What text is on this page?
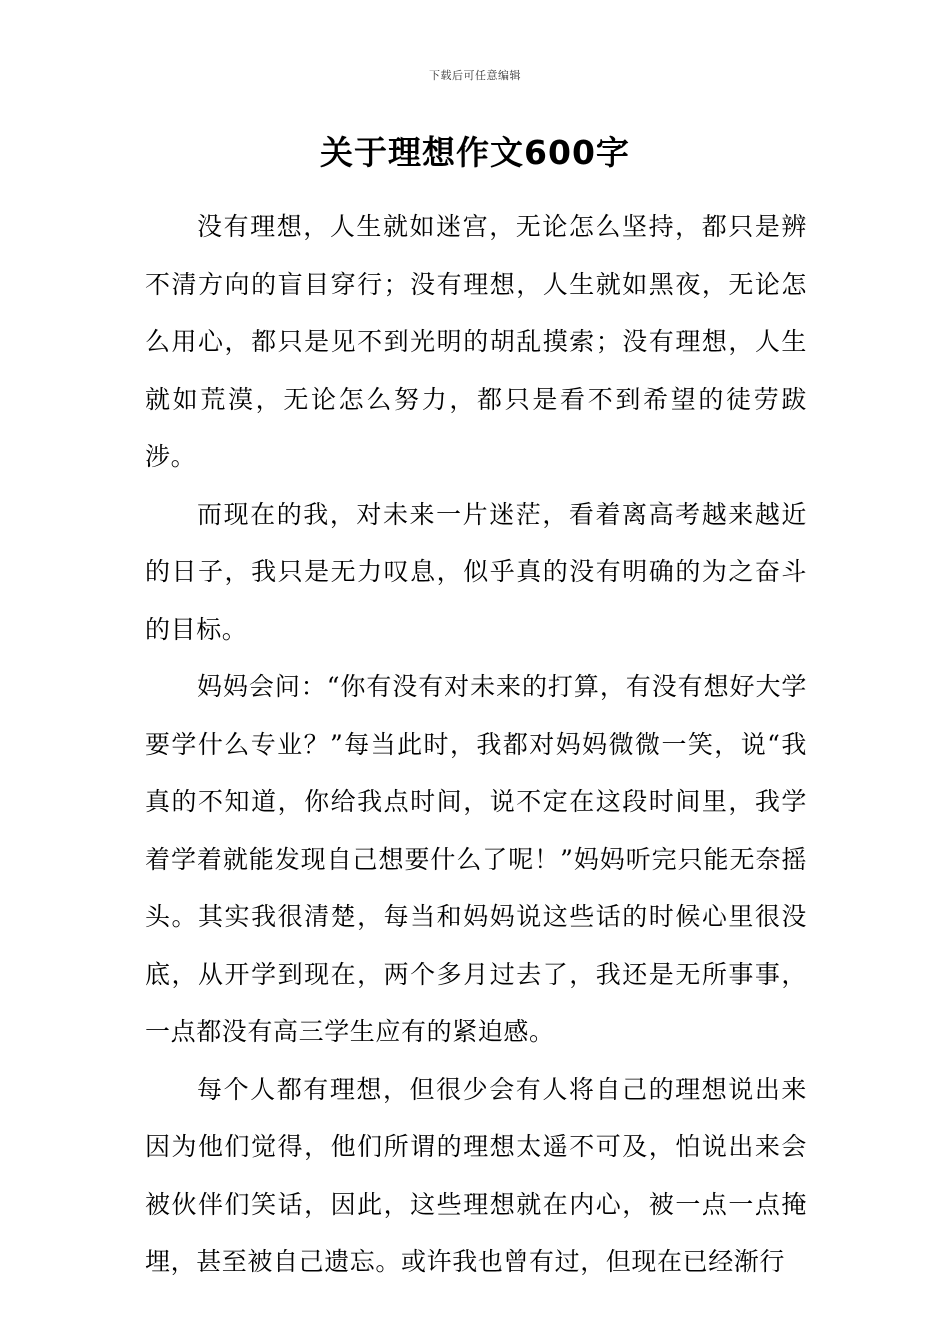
下载后可任意编辑
关于理想作文600字

没有理想，人生就如迷宫，无论怎么坚持，都只是辨不清方向的盲目穿行；没有理想，人生就如黑夜，无论怎么用心，都只是见不到光明的胡乱摸索；没有理想，人生就如荒漠，无论怎么努力，都只是看不到希望的徒劳跋涉。

而现在的我，对未来一片迷茫，看着离高考越来越近的日子，我只是无力叹息，似乎真的没有明确的为之奋斗的目标。

妈妈会问：“你有没有对未来的打算，有没有想好大学要学什么专业？”每当此时，我都对妈妈微微一笑，说“我真的不知道，你给我点时间，说不定在这段时间里，我学着学着就能发现自己想要什么了呢！”妈妈听完只能无奈摇头。其实我很清楚，每当和妈妈说这些话的时候心里很没底，从开学到现在，两个多月过去了，我还是无所事事，一点都没有高三学生应有的紧迫感。

每个人都有理想，但很少会有人将自己的理想说出来因为他们觉得，他们所谓的理想太遥不可及，怕说出来会被伙伴们笑话，因此，这些理想就在内心，被一点一点掩埋，甚至被自己遗忘。或许我也曾有过，但现在已经渐行
